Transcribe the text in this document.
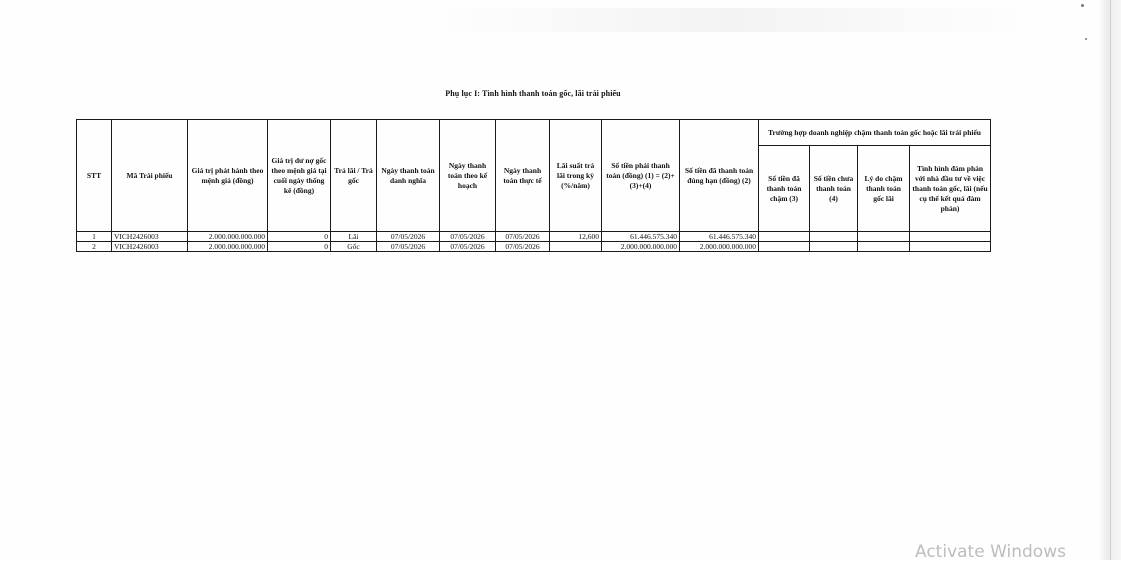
Phụ lục I: Tình hình thanh toán gốc, lãi trái phiếu
STT	Mã Trái phiếu	Giá trị phát hành theo mệnh giá (đồng)	Giá trị dư nợ gốc theo mệnh giá tại cuối ngày thống kê (đồng)	Trả lãi / Trả gốc	Ngày thanh toán danh nghĩa	Ngày thanh toán theo kế hoạch	Ngày thanh toán thực tế	Lãi suất trả lãi trong kỳ (%/năm)	Số tiền phải thanh toán (đồng) (1) = (2)+(3)+(4)	Số tiền đã thanh toán đúng hạn (đồng) (2)	Trường hợp doanh nghiệp chậm thanh toán gốc hoặc lãi trái phiếu			
											Số tiền đã thanh toán chậm (3)	Số tiền chưa thanh toán (4)	Lý do chậm thanh toán gốc lãi	Tình hình đàm phán với nhà đầu tư về việc thanh toán gốc, lãi (nếu cụ thể kết quả đàm phán)
1	VICH2426003	2.000.000.000.000	0	Lãi	07/05/2026	07/05/2026	07/05/2026	12,600	61.446.575.340	61.446.575.340				
2	VICH2426003	2.000.000.000.000	0	Gốc	07/05/2026	07/05/2026	07/05/2026		2.000.000.000.000	2.000.000.000.000				
Activate Windows
